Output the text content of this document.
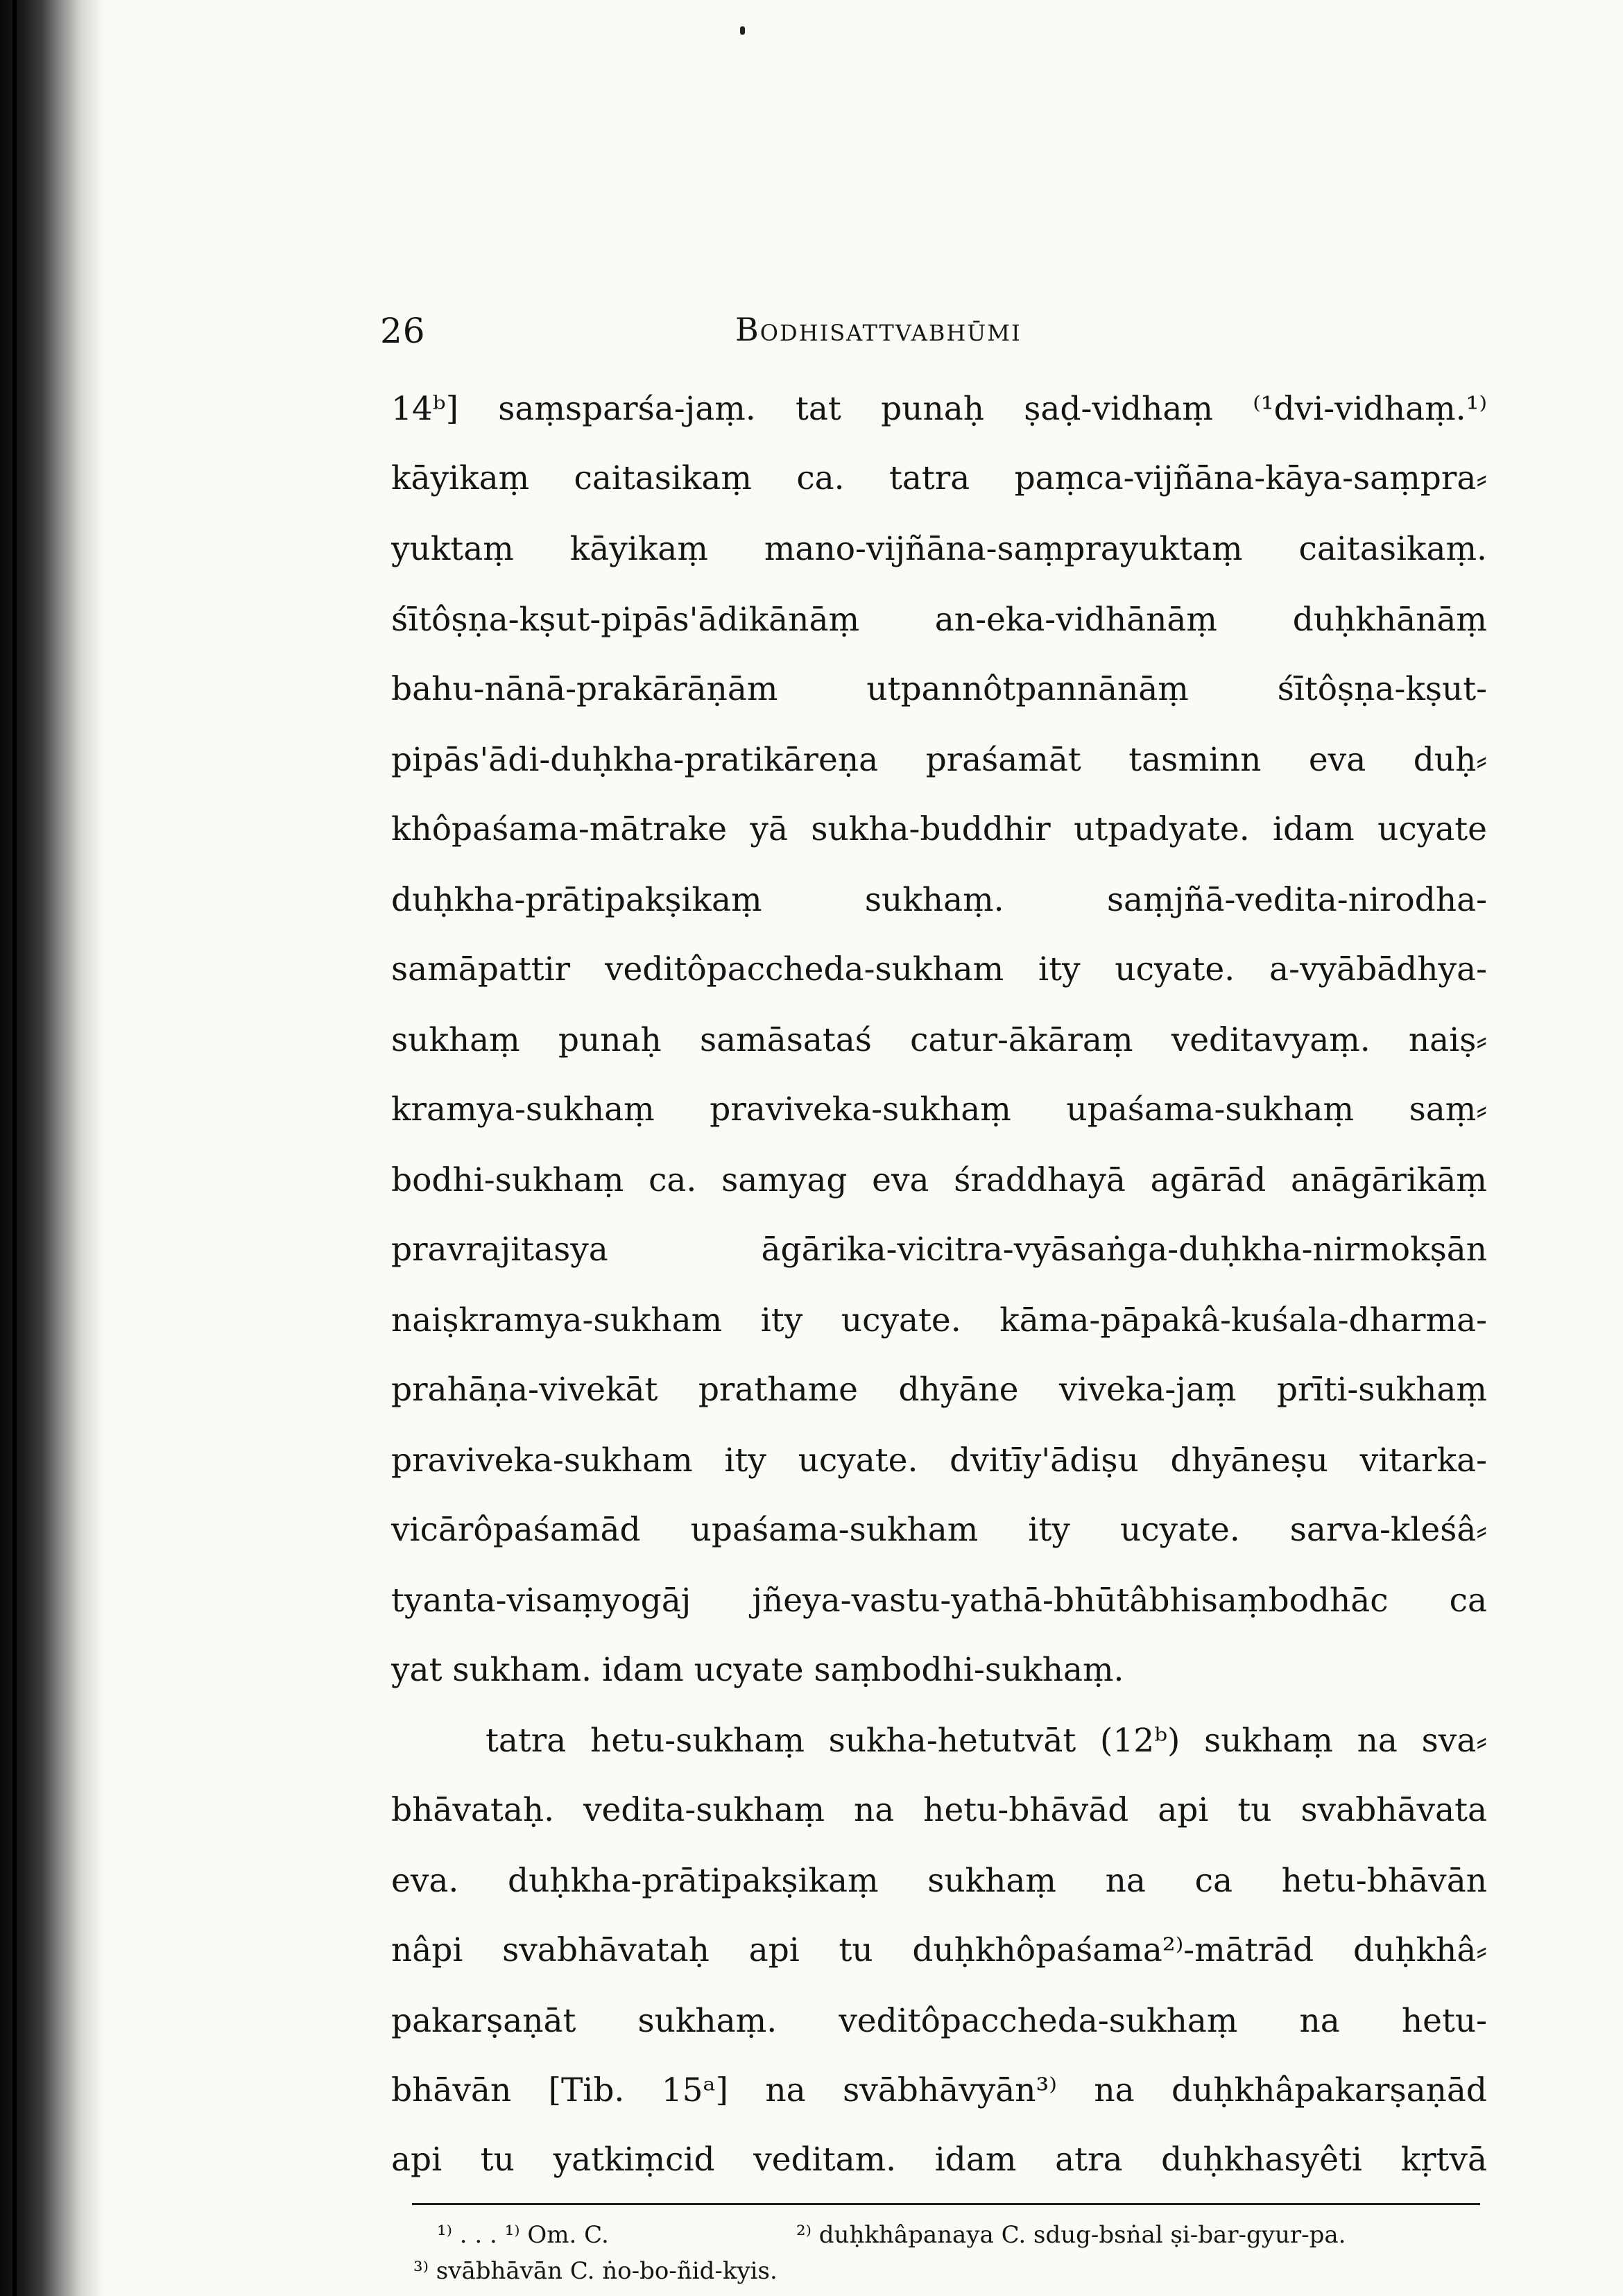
26	Bodhisattvabhūmi
14ᵇ] saṃsparśa-jaṃ. tat punaḥ ṣaḍ-vidhaṃ ⁽¹dvi-vidhaṃ.¹⁾
kāyikaṃ caitasikaṃ ca. tatra paṃca-vijñāna-kāya-saṃpra⸗
yuktaṃ kāyikaṃ mano-vijñāna-saṃprayuktaṃ caitasikaṃ.
śītôṣṇa-kṣut-pipās'ādikānāṃ an-eka-vidhānāṃ duḥkhānāṃ
bahu-nānā-prakārāṇām utpannôtpannānāṃ śītôṣṇa-kṣut-
pipās'ādi-duḥkha-pratikāreṇa praśamāt tasminn eva duḥ⸗
khôpaśama-mātrake yā sukha-buddhir utpadyate. idam ucyate
duḥkha-prātipakṣikaṃ sukhaṃ. saṃjñā-vedita-nirodha-
samāpattir veditôpaccheda-sukham ity ucyate. a-vyābādhya-
sukhaṃ punaḥ samāsataś catur-ākāraṃ veditavyaṃ. naiṣ⸗
kramya-sukhaṃ praviveka-sukhaṃ upaśama-sukhaṃ saṃ⸗
bodhi-sukhaṃ ca. samyag eva śraddhayā agārād anāgārikāṃ
pravrajitasya āgārika-vicitra-vyāsaṅga-duḥkha-nirmokṣān
naiṣkramya-sukham ity ucyate. kāma-pāpakâ-kuśala-dharma-
prahāṇa-vivekāt prathame dhyāne viveka-jaṃ prīti-sukhaṃ
praviveka-sukham ity ucyate. dvitīy'ādiṣu dhyāneṣu vitarka-
vicārôpaśamād upaśama-sukham ity ucyate. sarva-kleśâ⸗
tyanta-visaṃyogāj jñeya-vastu-yathā-bhūtâbhisaṃbodhāc ca
yat sukham. idam ucyate saṃbodhi-sukhaṃ.
tatra hetu-sukhaṃ sukha-hetutvāt (12ᵇ) sukhaṃ na sva⸗
bhāvataḥ. vedita-sukhaṃ na hetu-bhāvād api tu svabhāvata
eva. duḥkha-prātipakṣikaṃ sukhaṃ na ca hetu-bhāvān
nâpi svabhāvataḥ api tu duḥkhôpaśama²⁾-mātrād duḥkhâ⸗
pakarṣaṇāt sukhaṃ. veditôpaccheda-sukhaṃ na hetu-
bhāvān [Tib. 15ᵃ] na svābhāvyān³⁾ na duḥkhâpakarṣaṇād
api tu yatkiṃcid veditam. idam atra duḥkhasyêti kṛtvā
¹⁾ . . . ¹⁾ Om. C.	²⁾ duḥkhâpanaya C. sdug-bsṅal ṣi-bar-gyur-pa.
³⁾ svābhāvān C. ṅo-bo-ñid-kyis.
